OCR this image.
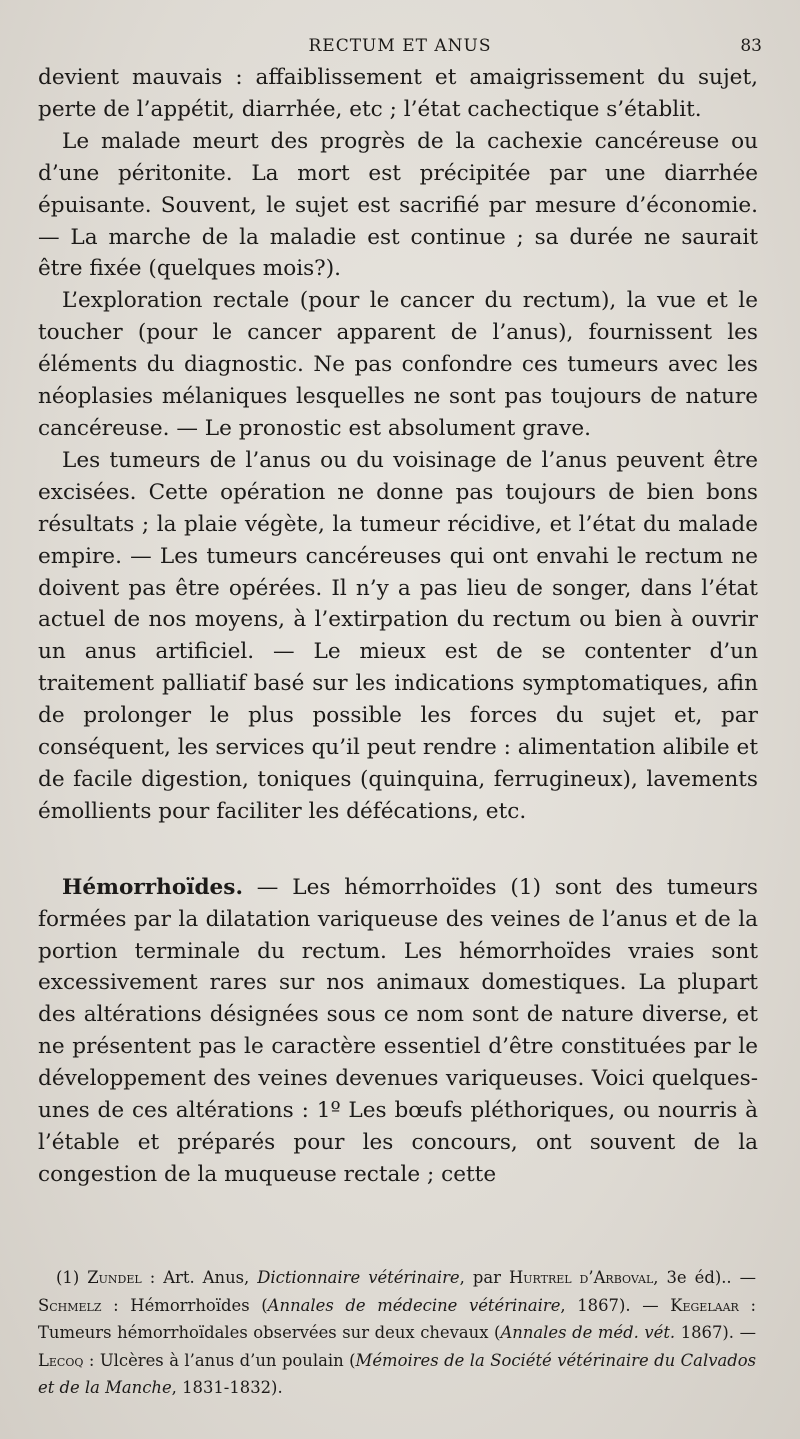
RECTUM ET ANUS	83

devient mauvais : affaiblissement et amaigrissement du sujet, perte de l’appétit, diarrhée, etc ; l’état cachectique s’établit.

Le malade meurt des progrès de la cachexie cancéreuse ou d’une péritonite. La mort est précipitée par une diarrhée épuisante. Souvent, le sujet est sacrifié par mesure d’économie. — La marche de la maladie est continue ; sa durée ne saurait être fixée (quelques mois?).

L’exploration rectale (pour le cancer du rectum), la vue et le toucher (pour le cancer apparent de l’anus), fournissent les éléments du diagnostic. Ne pas confondre ces tumeurs avec les néoplasies mélaniques lesquelles ne sont pas toujours de nature cancéreuse. — Le pronostic est absolument grave.

Les tumeurs de l’anus ou du voisinage de l’anus peuvent être excisées. Cette opération ne donne pas toujours de bien bons résultats ; la plaie végète, la tumeur récidive, et l’état du malade empire. — Les tumeurs cancéreuses qui ont envahi le rectum ne doivent pas être opérées. Il n’y a pas lieu de songer, dans l’état actuel de nos moyens, à l’extirpation du rectum ou bien à ouvrir un anus artificiel. — Le mieux est de se contenter d’un traitement palliatif basé sur les indications symptomatiques, afin de prolonger le plus possible les forces du sujet et, par conséquent, les services qu’il peut rendre : alimentation alibile et de facile digestion, toniques (quinquina, ferrugineux), lavements émollients pour faciliter les défécations, etc.

Hémorrhoïdes. — Les hémorrhoïdes (1) sont des tumeurs formées par la dilatation variqueuse des veines de l’anus et de la portion terminale du rectum. Les hémorrhoïdes vraies sont excessivement rares sur nos animaux domestiques. La plupart des altérations désignées sous ce nom sont de nature diverse, et ne présentent pas le caractère essentiel d’être constituées par le développement des veines devenues variqueuses. Voici quelques-unes de ces altérations : 1º Les bœufs pléthoriques, ou nourris à l’étable et préparés pour les concours, ont souvent de la congestion de la muqueuse rectale ; cette

(1) Zundel : Art. Anus, Dictionnaire vétérinaire, par Hurtrel d’Arboval, 3e éd).. — Schmelz : Hémorrhoïdes (Annales de médecine vétérinaire, 1867). — Kegelaar : Tumeurs hémorrhoïdales observées sur deux chevaux (Annales de méd. vét. 1867). — Lecoq : Ulcères à l’anus d’un poulain (Mémoires de la Société vétérinaire du Calvados et de la Manche, 1831-1832).
